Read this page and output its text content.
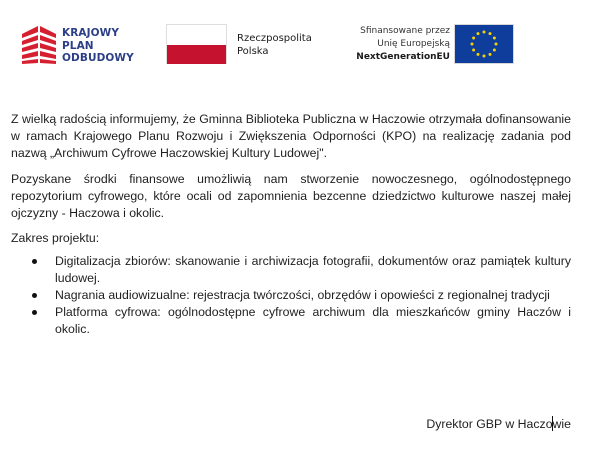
KRAJOWY
PLAN
ODBUDOWY
Rzeczpospolita
Polska
Sfinansowane przez
Unię Europejską
NextGenerationEU

Z wielką radością informujemy, że Gminna Biblioteka Publiczna w Haczowie otrzymała dofinansowanie w ramach Krajowego Planu Rozwoju i Zwiększenia Odporności (KPO) na realizację zadania pod nazwą „Archiwum Cyfrowe Haczowskiej Kultury Ludowej".

Pozyskane środki finansowe umożliwią nam stworzenie nowoczesnego, ogólnodostępnego repozytorium cyfrowego, które ocali od zapomnienia bezcenne dziedzictwo kulturowe naszej małej ojczyzny - Haczowa i okolic.

Zakres projektu:

Digitalizacja zbiorów: skanowanie i archiwizacja fotografii, dokumentów oraz pamiątek kultury ludowej.
Nagrania audiowizualne: rejestracja twórczości, obrzędów i opowieści z regionalnej tradycji
Platforma cyfrowa: ogólnodostępne cyfrowe archiwum dla mieszkańców gminy Haczów i okolic.
Dyrektor GBP w Haczowie
